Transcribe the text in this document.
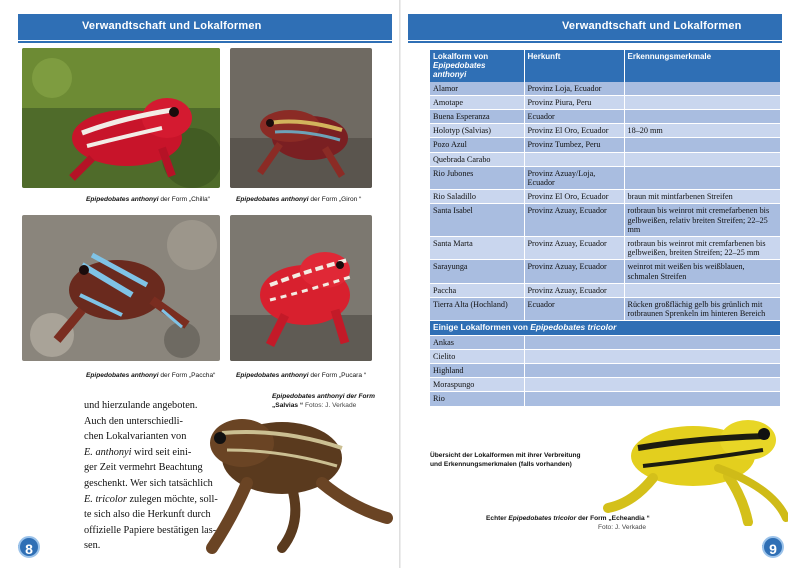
Verwandtschaft und Lokalformen
Epipedobates anthonyi der Form „Chilla“	Epipedobates anthonyi der Form „Giron “
Epipedobates anthonyi der Form „Paccha“	Epipedobates anthonyi der Form „Pucara “
und hierzulande angeboten.
Auch den unterschiedli-
chen Lokalvarianten von
E. anthonyi wird seit eini-
ger Zeit vermehrt Beachtung
geschenkt. Wer sich tatsächlich
E. tricolor zulegen möchte, soll-
te sich also die Herkunft durch
offizielle Papiere bestätigen las-
sen.
Epipedobates anthonyi der Form
„Salvias “ Fotos: J. Verkade
8
Verwandtschaft und Lokalformen
Lokalform von
Epipedobates anthonyi	Herkunft	Erkennungsmerkmale
Alamor	Provinz Loja, Ecuador	
Amotape	Provinz Piura, Peru	
Buena Esperanza	Ecuador	
Holotyp (Salvias)	Provinz El Oro, Ecuador	18–20 mm
Pozo Azul	Provinz Tumbez, Peru	
Quebrada Carabo		
Rio Jubones	Provinz Azuay/Loja, Ecuador	
Rio Saladillo	Provinz El Oro, Ecuador	braun mit mintfarbenen Streifen
Santa Isabel	Provinz Azuay, Ecuador	rotbraun bis weinrot mit cremefarbenen bis gelbweißen, relativ breiten Streifen; 22–25 mm
Santa Marta	Provinz Azuay, Ecuador	rotbraun bis weinrot mit cremfarbenen bis gelbweißen, breiten Streifen; 22–25 mm
Sarayunga	Provinz Azuay, Ecuador	weinrot mit weißen bis weißblauen, schmalen Streifen
Paccha	Provinz Azuay, Ecuador	
Tierra Alta (Hochland)	Ecuador	Rücken großflächig gelb bis grünlich mit rotbraunen Sprenkeln im hinteren Bereich
Einige Lokalformen von Epipedobates tricolor		
Ankas		
Cielito		
Highland		
Moraspungo		
Rio		
Übersicht der Lokalformen mit ihrer Verbreitung
und Erkennungsmerkmalen (falls vorhanden)
Echter Epipedobates tricolor der Form „Echeandia “
Foto: J. Verkade
9
